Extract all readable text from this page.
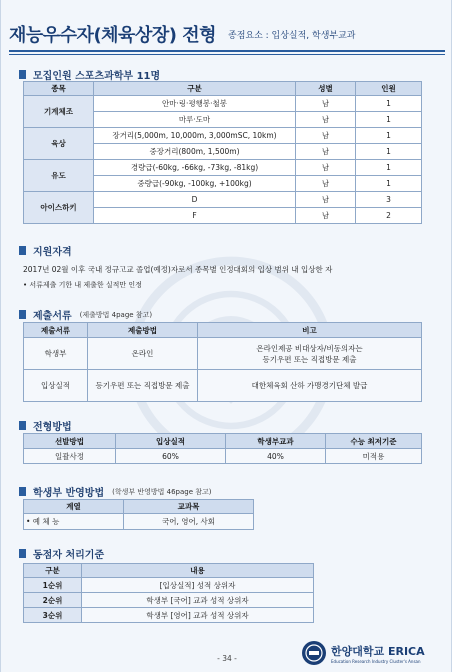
재능우수자(체육상장) 전형 종점요소 : 입상실적, 학생부교과
모집인원 스포츠과학부 11명
종목	구분	성별	인원
기계체조	안마·링·평행봉·철봉	남	1
	마루·도마	남	1
육상	장거리(5,000m, 10,000m, 3,000mSC, 10km)	남	1
	중장거리(800m, 1,500m)	남	1
유도	경량급(-60kg, -66kg, -73kg, -81kg)	남	1
	중량급(-90kg, -100kg, +100kg)	남	1
아이스하키	D	남	3
	F	남	2
지원자격
2017년 02월 이후 국내 정규고교 졸업(예정)자로서 종목별 인정대회의 입상 범위 내 입상한 자
• 서류제출 기한 내 제출한 실적만 인정
제출서류 (제출방법 4page 참고)
제출서류	제출방법	비고
학생부	온라인	온라인제공 비대상자/비동의자는
등기우편 또는 직접방문 제출

입상실적	등기우편 또는 직접방문 제출	대한체육회 산하 가맹경기단체 발급
전형방법
선발방법	입상실적	학생부교과	수능 최저기준
일괄사정	60%	40%	미적용
학생부 반영방법 (학생부 반영방법 46page 참고)
계열	교과목
• 예 체 능	국어, 영어, 사회
동점자 처리기준
구분	내용
1순위	[입상실적] 성적 상위자
2순위	학생부 [국어] 교과 성적 상위자
3순위	학생부 [영어] 교과 성적 상위자
- 34 -
한양대학교 ERICA
Education Research Industry Cluster's Ansan
